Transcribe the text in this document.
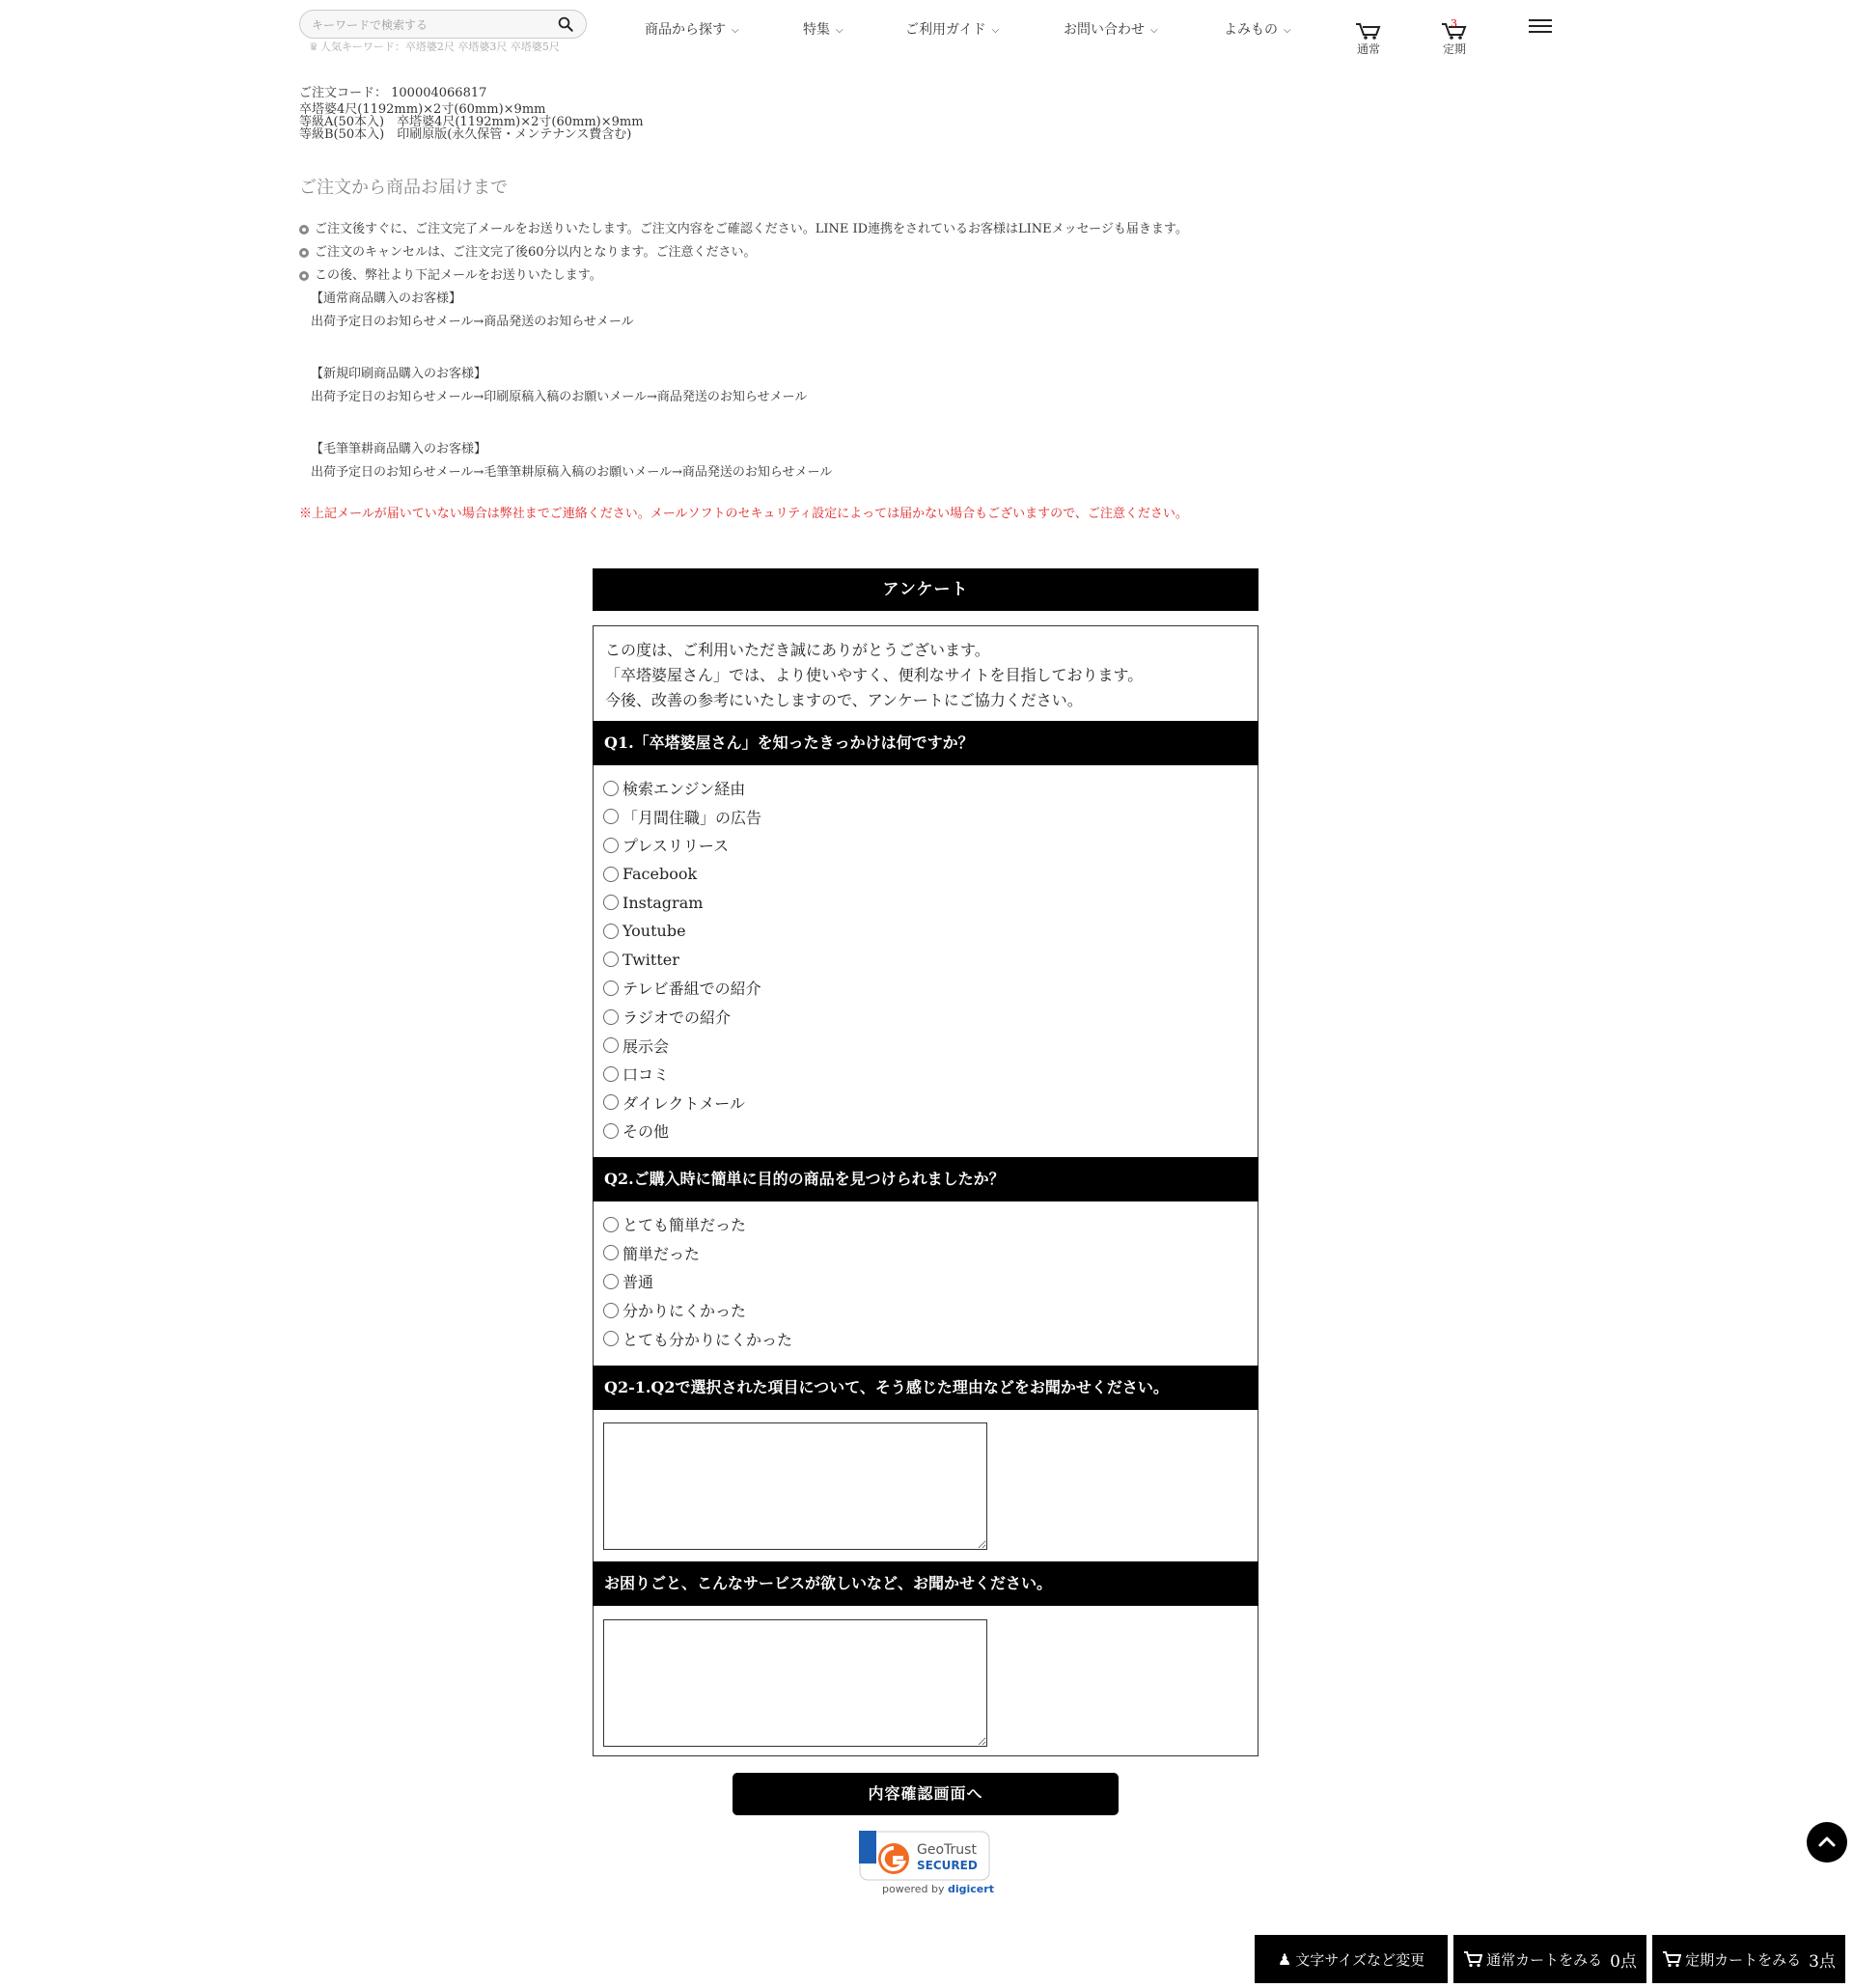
キーワードで検索する
♛ 人気キーワード：卒塔婆2尺 卒塔婆3尺 卒塔婆5尺
商品から探す ⌵	特集 ⌵	ご利用ガイド ⌵	お問い合わせ ⌵	よみもの ⌵
通常
3
定期
ご注文コード： 100004066817
卒塔婆4尺(1192mm)×2寸(60mm)×9mm
等級A(50本入)　卒塔婆4尺(1192mm)×2寸(60mm)×9mm
等級B(50本入)　印刷原版(永久保管・メンテナンス費含む)
ご注文から商品お届けまで
ご注文後すぐに、ご注文完了メールをお送りいたします。ご注文内容をご確認ください。LINE ID連携をされているお客様はLINEメッセージも届きます。
ご注文のキャンセルは、ご注文完了後60分以内となります。ご注意ください。
この後、弊社より下記メールをお送りいたします。
【通常商品購入のお客様】
出荷予定日のお知らせメール→商品発送のお知らせメール
【新規印刷商品購入のお客様】
出荷予定日のお知らせメール→印刷原稿入稿のお願いメール→商品発送のお知らせメール
【毛筆筆耕商品購入のお客様】
出荷予定日のお知らせメール→毛筆筆耕原稿入稿のお願いメール→商品発送のお知らせメール
※上記メールが届いていない場合は弊社までご連絡ください。メールソフトのセキュリティ設定によっては届かない場合もございますので、ご注意ください。
アンケート
この度は、ご利用いただき誠にありがとうございます。
「卒塔婆屋さん」では、より使いやすく、便利なサイトを目指しております。
今後、改善の参考にいたしますので、アンケートにご協力ください。
Q1.「卒塔婆屋さん」を知ったきっかけは何ですか？
検索エンジン経由
「月間住職」の広告
プレスリリース
Facebook
Instagram
Youtube
Twitter
テレビ番組での紹介
ラジオでの紹介
展示会
口コミ
ダイレクトメール
その他
Q2.ご購入時に簡単に目的の商品を見つけられましたか？
とても簡単だった
簡単だった
普通
分かりにくかった
とても分かりにくかった
Q2-1.Q2で選択された項目について、そう感じた理由などをお聞かせください。
お困りごと、こんなサービスが欲しいなど、お聞かせください。
内容確認画面へ
GeoTrust
SECURED
powered by digicert
♟ 文字サイズなど変更	通常カートをみる 0点	定期カートをみる 3点
